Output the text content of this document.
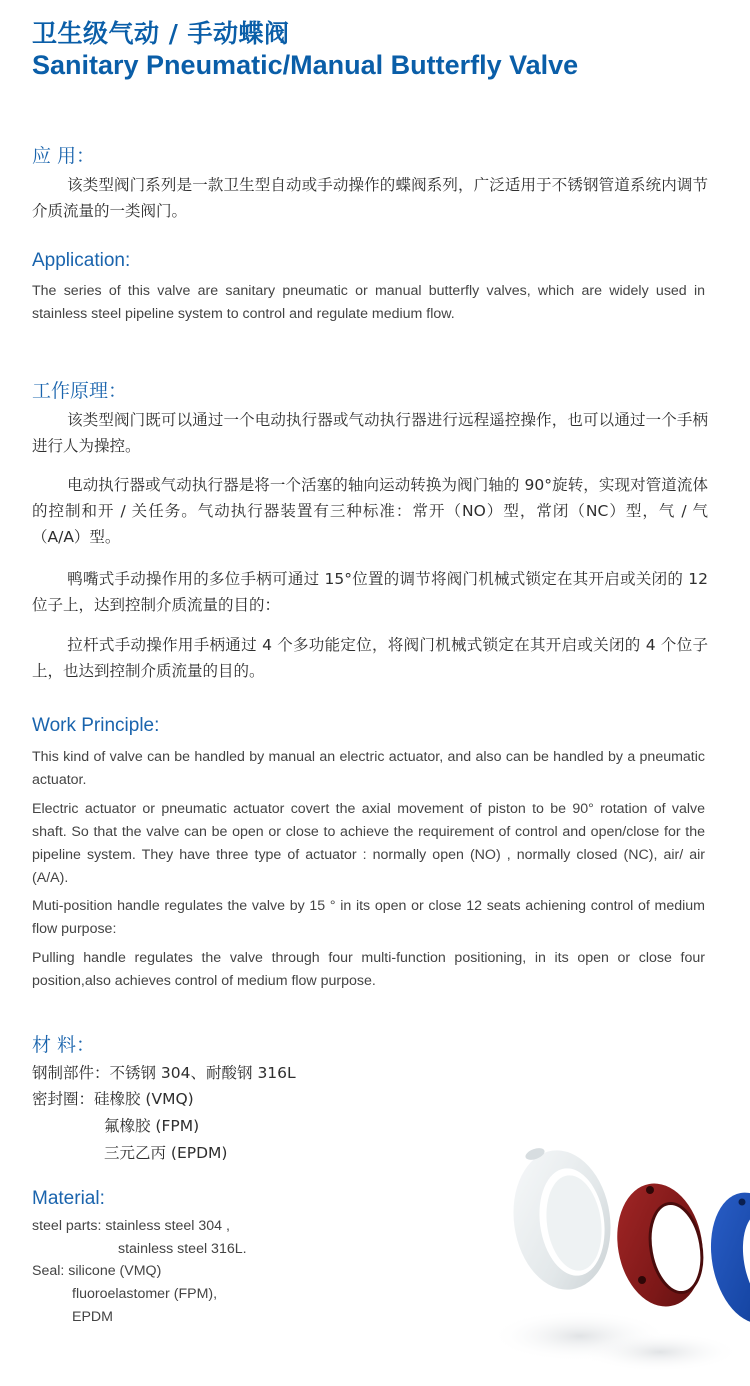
卫生级气动 / 手动蝶阀
Sanitary Pneumatic/Manual Butterfly Valve
应 用：
该类型阀门系列是一款卫生型自动或手动操作的蝶阀系列，广泛适用于不锈钢管道系统内调节介质流量的一类阀门。
Application:
The series of this valve are sanitary pneumatic or manual butterfly valves, which are widely used in stainless steel pipeline system to control and regulate medium flow.
工作原理：
该类型阀门既可以通过一个电动执行器或气动执行器进行远程遥控操作，也可以通过一个手柄进行人为操控。
电动执行器或气动执行器是将一个活塞的轴向运动转换为阀门轴的 90°旋转，实现对管道流体的控制和开 / 关任务。气动执行器装置有三种标准：常开（NO）型，常闭（NC）型，气 / 气（A/A）型。
鸭嘴式手动操作用的多位手柄可通过 15°位置的调节将阀门机械式锁定在其开启或关闭的 12 位子上，达到控制介质流量的目的：
拉杆式手动操作用手柄通过 4 个多功能定位，将阀门机械式锁定在其开启或关闭的 4 个位子上，也达到控制介质流量的目的。
Work Principle:
This kind of valve can be handled by manual an electric actuator, and also can be handled by a pneumatic actuator.
Electric actuator or pneumatic actuator covert the axial movement of piston to be 90° rotation of valve shaft. So that the valve can be open or close to achieve the requirement of control and open/close for the pipeline system. They have three type of actuator : normally open (NO) , normally closed (NC), air/ air (A/A).
Muti-position handle regulates the valve by 15 ° in its open or close 12 seats achiening control of medium flow purpose:
Pulling handle regulates the valve through four multi-function positioning, in its open or close four position,also achieves control of medium flow purpose.
材 料：
钢制部件：不锈钢 304、耐酸钢 316L
密封圈：硅橡胶 (VMQ)
氟橡胶 (FPM)
三元乙丙 (EPDM)
Material:
steel parts: stainless steel 304 ,
stainless steel 316L.
Seal: silicone (VMQ)
fluoroelastomer (FPM),
EPDM
